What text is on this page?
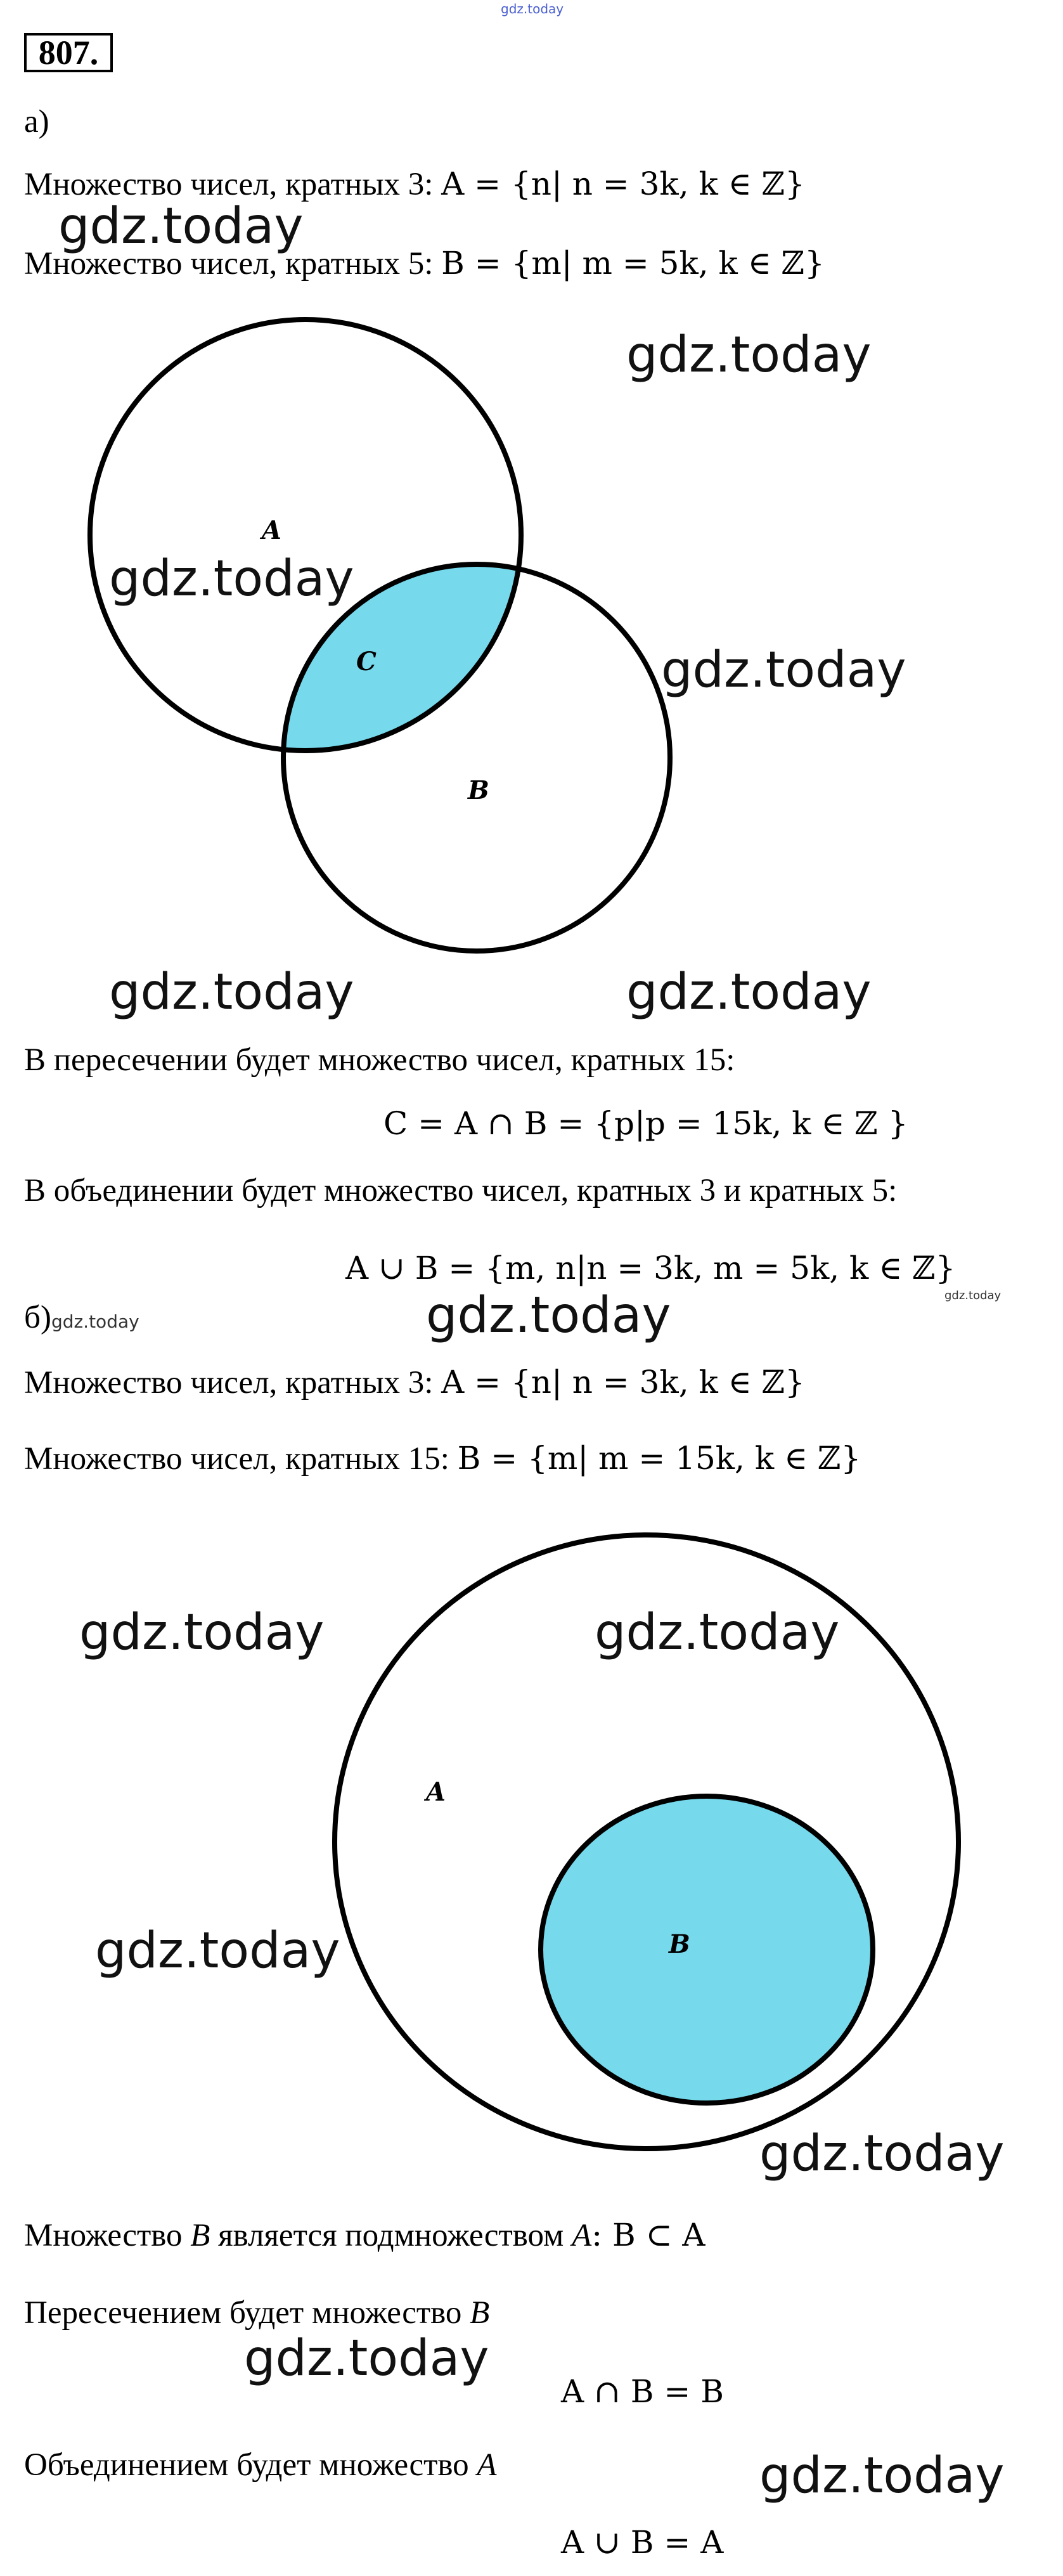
gdz.today
807.
а)
Множество чисел, кратных 3: A = {n| n = 3k, k ∈ ℤ}
gdz.today
Множество чисел, кратных 5: B = {m| m = 5k, k ∈ ℤ}
gdz.today
A
C
B
gdz.today
gdz.today
gdz.today	gdz.today
В пересечении будет множество чисел, кратных 15:
C = A ∩ B = {p|p = 15k, k ∈ ℤ }
В объединении будет множество чисел, кратных 3 и кратных 5:
A ∪ B = {m, n|n = 3k, m = 5k, k ∈ ℤ}
gdz.today
б)gdz.today	gdz.today
Множество чисел, кратных 3: A = {n| n = 3k, k ∈ ℤ}
Множество чисел, кратных 15: B = {m| m = 15k, k ∈ ℤ}
gdz.today	gdz.today
A
B
gdz.today
gdz.today
Множество B является подмножеством A: B ⊂ A
Пересечением будет множество B
gdz.today
A ∩ B = B
Объединением будет множество A	gdz.today
A ∪ B = A
